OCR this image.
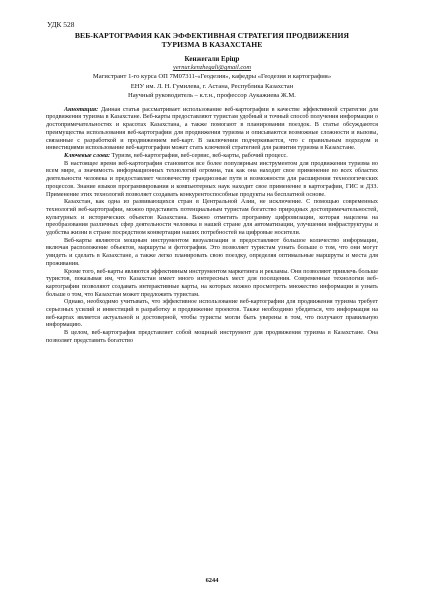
УДК 528
ВЕБ-КАРТОГРАФИЯ КАК ЭФФЕКТИВНАЯ СТРАТЕГИЯ ПРОДВИЖЕНИЯ
ТУРИЗМА В КАЗАХСТАНЕ
Кенжегали Ерiцр
yernur.kenzhegali@gmail.com
Магистрант 1-го курса ОП 7М07311-«Геодезия», кафедры «Геодезия и картография»
ЕНУ им. Л. Н. Гумилева, г. Астана, Республика Казахстан
Научный руководитель – к.т.н., профессор Аукажиева Ж.М.

Аннотация: Данная статья рассматривает использование веб-картографии в качестве эффективной стратегии для продвижения туризма в Казахстане. Веб-карты предоставляют туристам удобный и точный способ получения информации о достопримечательностях и красотах Казахстана, а также помогают в планировании поездок. В статье обсуждаются преимущества использования веб-картографии для продвижения туризма и описываются возможные сложности и вызовы, связанные с разработкой и продвижением веб-карт. В заключении подчеркивается, что с правильным подходом и инвестициями использование веб-картографии может стать ключевой стратегией для развития туризма в Казахстане.

Ключевые слова: Туризм, веб-картография, веб-сервис, веб-карты, рабочий процесс.

В настоящее время веб-картография становится все более популярным инструментом для продвижения туризма во всем мире, а значимость информационных технологий огромна, так как она находит свое применение во всех областях деятельности человека и предоставляет человечеству грандиозные пути и возможности для расширения технологических процессов. Знание языков программирования и компьютерных наук находит свое применение в картографии, ГИС и ДЗЗ. Применение этих технологий позволяет создавать конкурентоспособные продукты на бесплатной основе.

Казахстан, как одна из развивающихся стран в Центральной Азии, не исключение. С помощью современных технологий веб-картографии, можно представить потенциальным туристам богатство природных достопримечательностей, культурных и исторических объектов Казахстана. Важно отметить программу цифровизации, которая нацелена на преобразования различных сфер деятельности человека в нашей стране для автоматизации, улучшения инфраструктуры и удобства жизни в стране посредством конвертации наших потребностей на цифровые носители.

Веб-карты являются мощным инструментом визуализации и предоставляют большое количество информации, включая расположение объектов, маршруты и фотографии. Это позволяет туристам узнать больше о том, что они могут увидеть и сделать в Казахстане, а также легко планировать свою поездку, определяя оптимальные маршруты и места для проживания.

Кроме того, веб-карты являются эффективным инструментом маркетинга и рекламы. Они позволяют привлечь больше туристов, показывая им, что Казахстан имеет много интересных мест для посещения. Современные технологии веб-картографии позволяют создавать интерактивные карты, на которых можно просмотреть множество информации и узнать больше о том, что Казахстан может предложить туристам.

Однако, необходимо учитывать, что эффективное использование веб-картографии для продвижения туризма требует серьезных усилий и инвестиций в разработку и продвижение проектов. Также необходимо убедиться, что информация на веб-картах является актуальной и достоверной, чтобы туристы могли быть уверены в том, что получают правильную информацию.

В целом, веб-картография представляет собой мощный инструмент для продвижения туризма в Казахстане. Она позволяет представить богатство

6244
